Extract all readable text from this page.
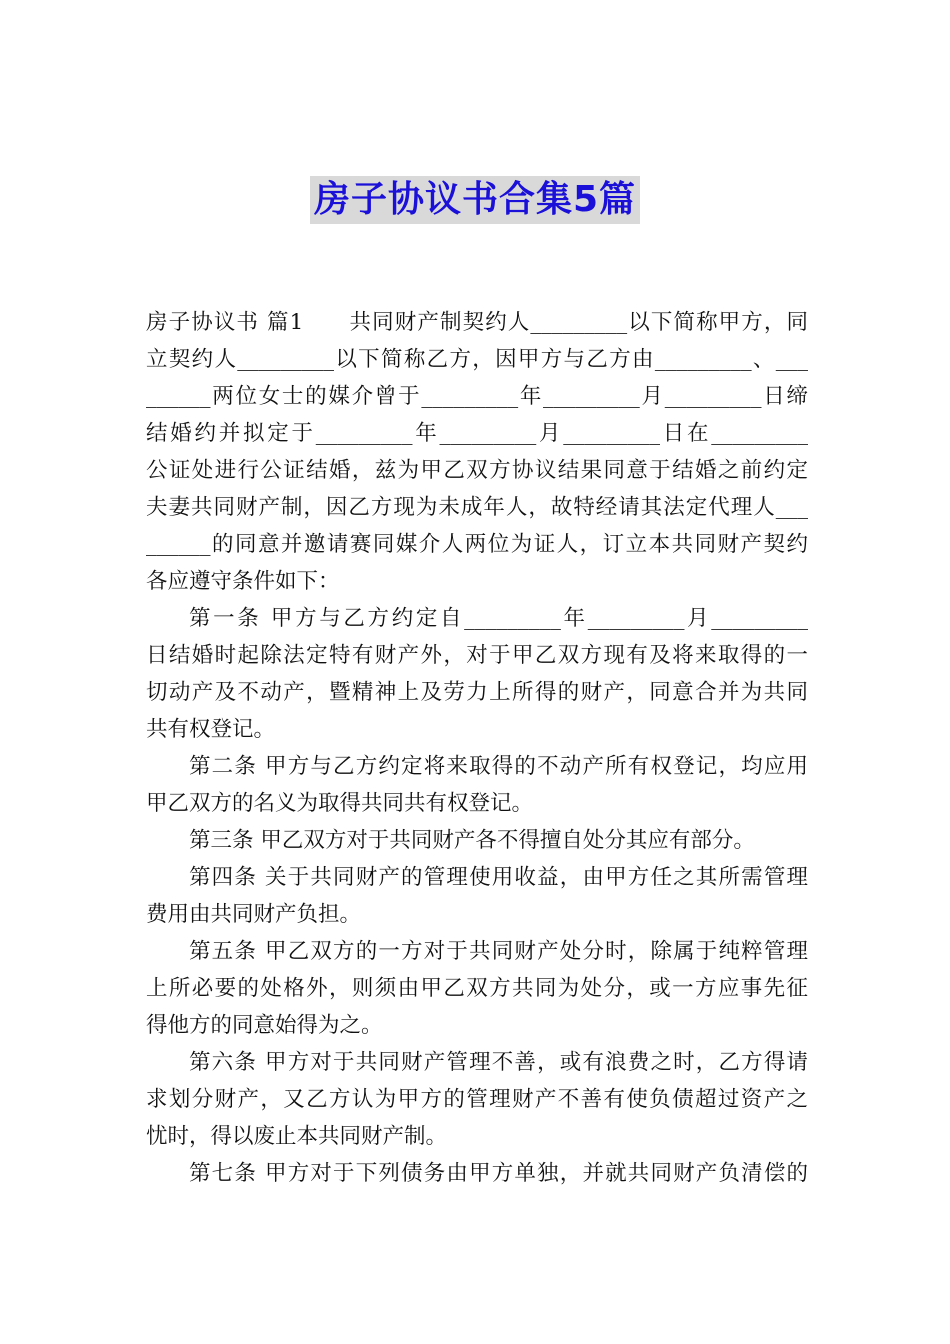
房子协议书合集5篇
房子协议书 篇1　　共同财产制契约人_________以下简称甲方，同
立契约人_________以下简称乙方，因甲方与乙方由_________、___
______两位女士的媒介曾于_________年_________月_________日缔
结婚约并拟定于_________年_________月_________日在_________
公证处进行公证结婚，兹为甲乙双方协议结果同意于结婚之前约定
夫妻共同财产制，因乙方现为未成年人，故特经请其法定代理人___
______的同意并邀请赛同媒介人两位为证人，订立本共同财产契约
各应遵守条件如下：
第一条 甲方与乙方约定自_________年_________月_________
日结婚时起除法定特有财产外，对于甲乙双方现有及将来取得的一
切动产及不动产，暨精神上及劳力上所得的财产，同意合并为共同
共有权登记。
第二条 甲方与乙方约定将来取得的不动产所有权登记，均应用
甲乙双方的名义为取得共同共有权登记。
第三条 甲乙双方对于共同财产各不得擅自处分其应有部分。
第四条 关于共同财产的管理使用收益，由甲方任之其所需管理
费用由共同财产负担。
第五条 甲乙双方的一方对于共同财产处分时，除属于纯粹管理
上所必要的处格外，则须由甲乙双方共同为处分，或一方应事先征
得他方的同意始得为之。
第六条 甲方对于共同财产管理不善，或有浪费之时，乙方得请
求划分财产，又乙方认为甲方的管理财产不善有使负债超过资产之
忧时，得以废止本共同财产制。
第七条 甲方对于下列债务由甲方单独，并就共同财产负清偿的
